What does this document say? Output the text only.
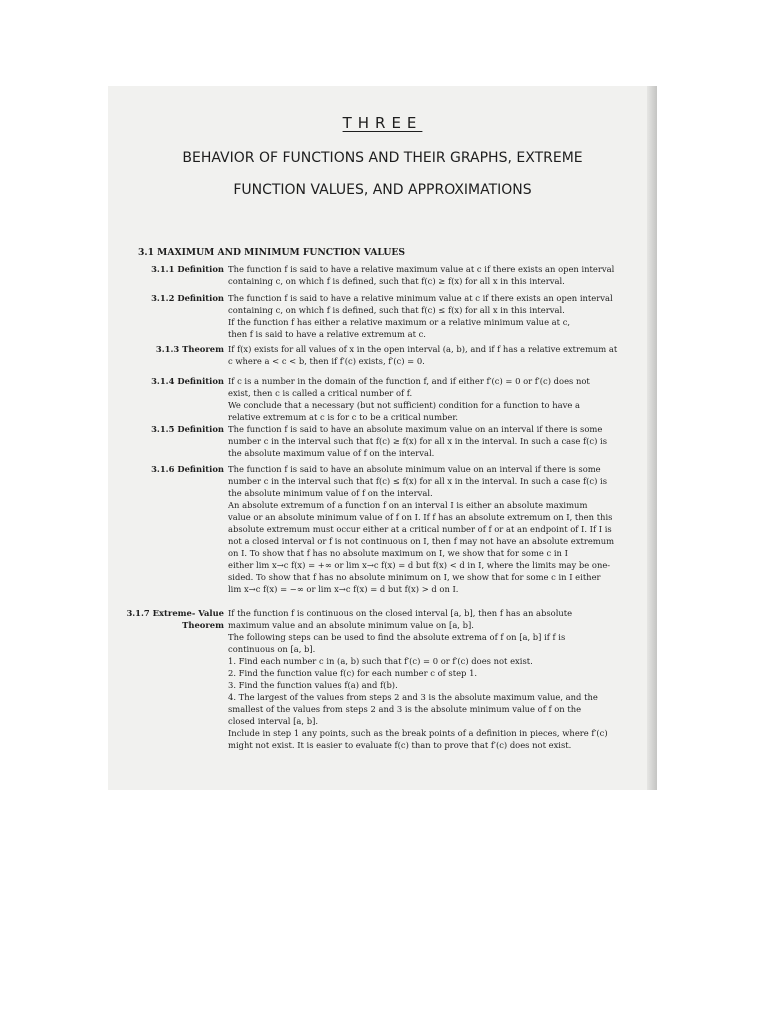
THREE
BEHAVIOR OF FUNCTIONS AND THEIR GRAPHS, EXTREME
FUNCTION VALUES, AND APPROXIMATIONS
3.1 MAXIMUM AND MINIMUM FUNCTION VALUES
3.1.1 Definition The function f is said to have a relative maximum value at c if there exists an open interval
containing c, on which f is defined, such that f(c) ≥ f(x) for all x in this interval.
3.1.2 Definition The function f is said to have a relative minimum value at c if there exists an open interval
containing c, on which f is defined, such that f(c) ≤ f(x) for all x in this interval.
If the function f has either a relative maximum or a relative minimum value at c,
then f is said to have a relative extremum at c.
3.1.3 Theorem If f(x) exists for all values of x in the open interval (a, b), and if f has a relative extremum at
c where a < c < b, then if f′(c) exists, f′(c) = 0.
3.1.4 Definition If c is a number in the domain of the function f, and if either f′(c) = 0 or f′(c) does not
exist, then c is called a critical number of f.
We conclude that a necessary (but not sufficient) condition for a function to have a
relative extremum at c is for c to be a critical number.
3.1.5 Definition The function f is said to have an absolute maximum value on an interval if there is some
number c in the interval such that f(c) ≥ f(x) for all x in the interval. In such a case f(c) is
the absolute maximum value of f on the interval.
3.1.6 Definition The function f is said to have an absolute minimum value on an interval if there is some
number c in the interval such that f(c) ≤ f(x) for all x in the interval. In such a case f(c) is
the absolute minimum value of f on the interval.
An absolute extremum of a function f on an interval I is either an absolute maximum
value or an absolute minimum value of f on I. If f has an absolute extremum on I, then this
absolute extremum must occur either at a critical number of f or at an endpoint of I. If I is
not a closed interval or f is not continuous on I, then f may not have an absolute extremum
on I. To show that f has no absolute maximum on I, we show that for some c in I
either lim x→c f(x) = +∞ or lim x→c f(x) = d but f(x) < d in I, where the limits may be one-
sided. To show that f has no absolute minimum on I, we show that for some c in I either
lim x→c f(x) = −∞ or lim x→c f(x) = d but f(x) > d on I.
3.1.7 Extreme- Value Theorem
If the function f is continuous on the closed interval [a, b], then f has an absolute
maximum value and an absolute minimum value on [a, b].
The following steps can be used to find the absolute extrema of f on [a, b] if f is
continuous on [a, b].
1. Find each number c in (a, b) such that f′(c) = 0 or f′(c) does not exist.
2. Find the function value f(c) for each number c of step 1.
3. Find the function values f(a) and f(b).
4. The largest of the values from steps 2 and 3 is the absolute maximum value, and the
smallest of the values from steps 2 and 3 is the absolute minimum value of f on the
closed interval [a, b].
Include in step 1 any points, such as the break points of a definition in pieces, where f′(c)
might not exist. It is easier to evaluate f(c) than to prove that f′(c) does not exist.
